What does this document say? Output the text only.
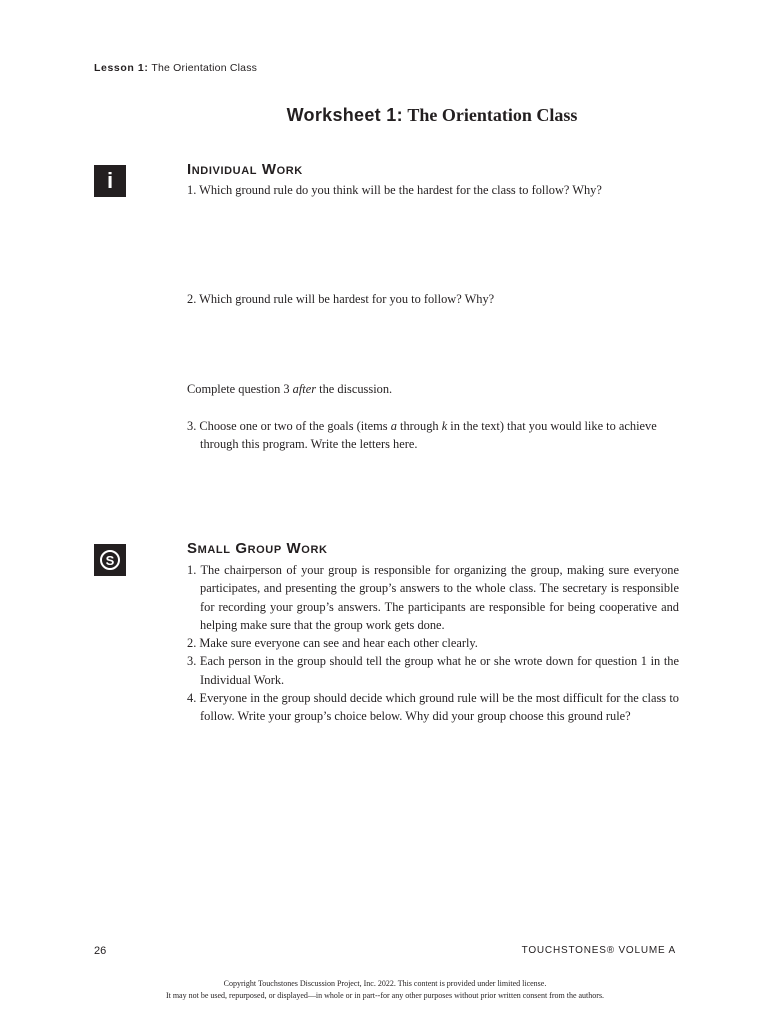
Lesson 1: The Orientation Class
Worksheet 1: The Orientation Class
i	Individual Work

1. Which ground rule do you think will be the hardest for the class to follow? Why?

2. Which ground rule will be hardest for you to follow? Why?

Complete question 3 after the discussion.

3. Choose one or two of the goals (items a through k in the text) that you would like to achieve through this program. Write the letters here.

S
Small Group Work

1. The chairperson of your group is responsible for organizing the group, making sure everyone participates, and presenting the group’s answers to the whole class. The secretary is responsible for recording your group’s answers. The participants are responsible for being cooperative and helping make sure that the group work gets done.

2. Make sure everyone can see and hear each other clearly.

3. Each person in the group should tell the group what he or she wrote down for question 1 in the Individual Work.

4. Everyone in the group should decide which ground rule will be the most difficult for the class to follow. Write your group’s choice below. Why did your group choose this ground rule?

26	TOUCHSTONES® VOLUME A
Copyright Touchstones Discussion Project, Inc. 2022. This content is provided under limited license.
It may not be used, repurposed, or displayed—in whole or in part--for any other purposes without prior written consent from the authors.
